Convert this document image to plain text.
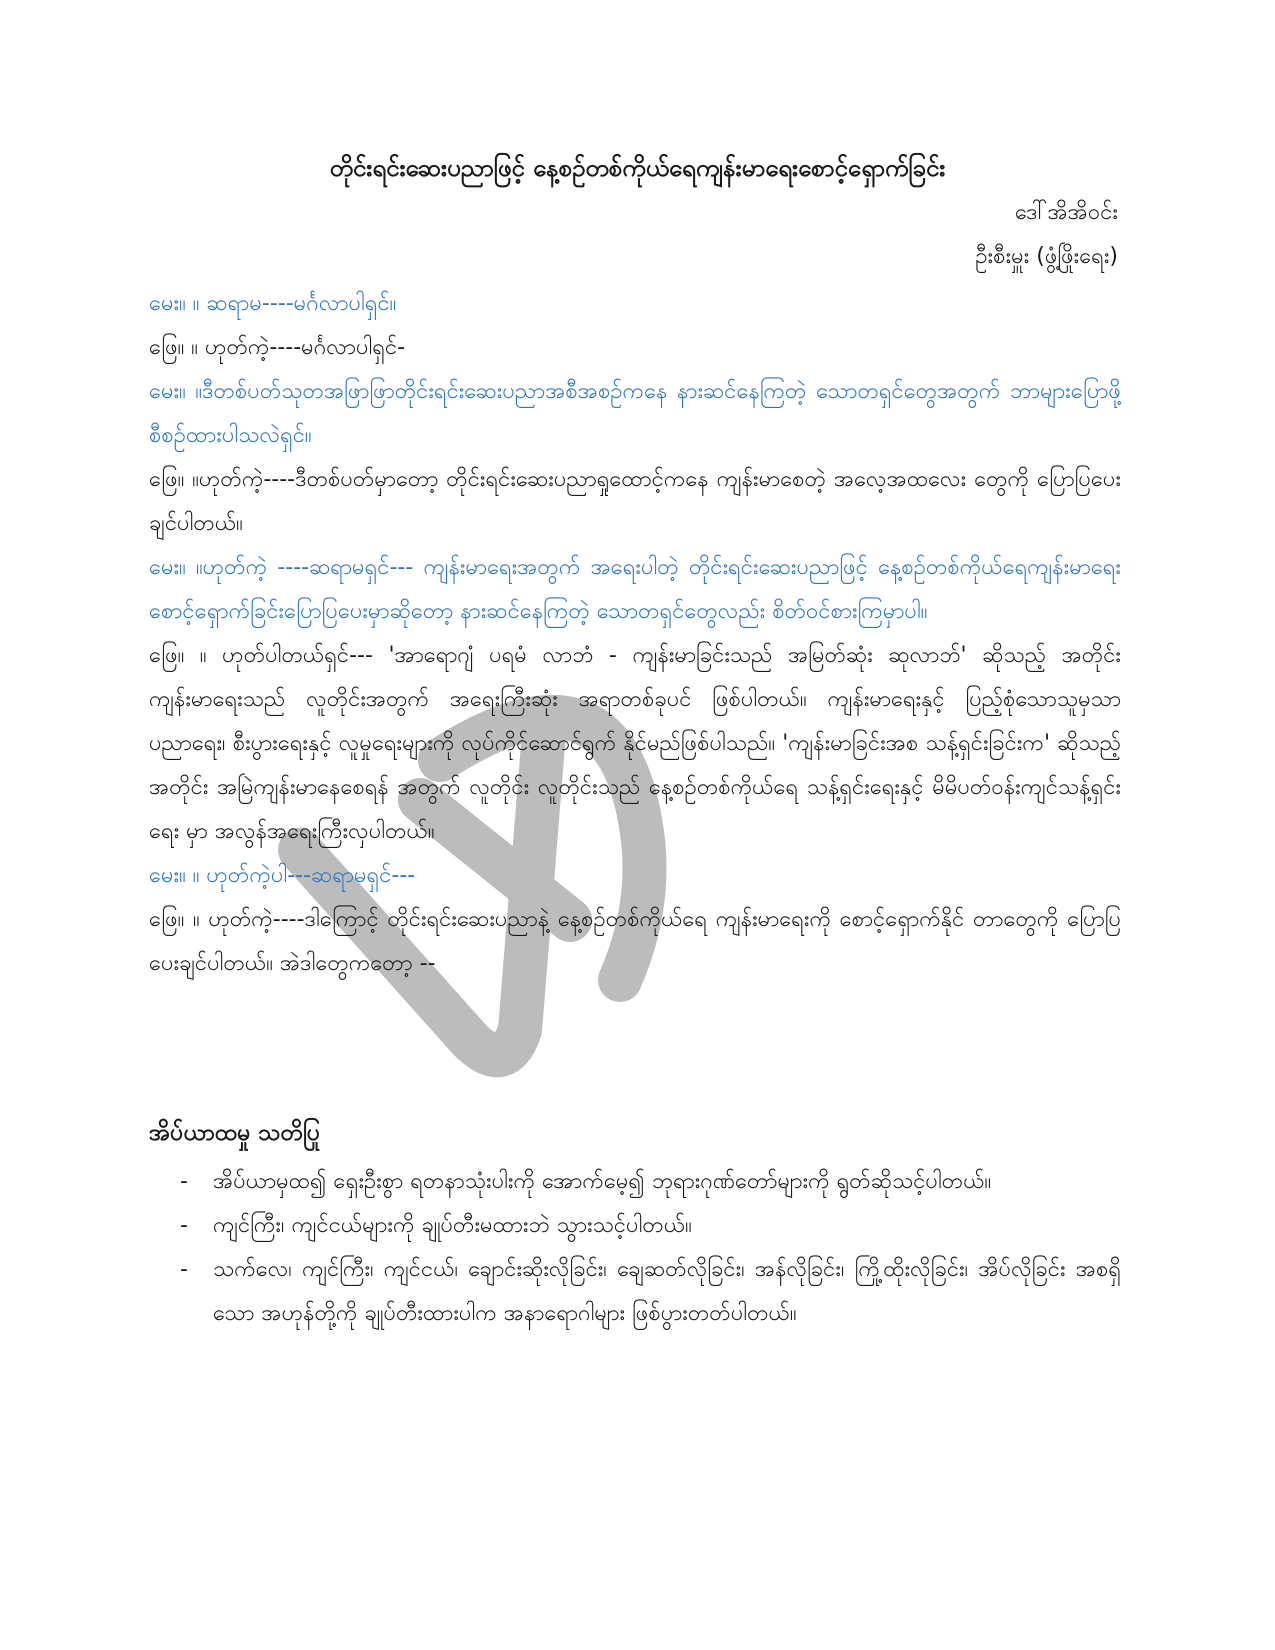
တိုင်းရင်းဆေးပညာဖြင့် နေ့စဉ်တစ်ကိုယ်ရေကျန်းမာရေးစောင့်ရှောက်ခြင်း
ဒေါ်အိအိဝင်း
ဦးစီးမှူး (ဖွံ့ဖြိုးရေး)

မေး။ ။ ဆရာမ----မင်္ဂလာပါရှင်။

ဖြေ။ ။ ဟုတ်ကဲ့----မင်္ဂလာပါရှင်-

မေး။ ။ဒီတစ်ပတ်သုတအဖြာဖြာတိုင်းရင်းဆေးပညာအစီအစဉ်ကနေ နားဆင်နေကြတဲ့ သောတရှင်တွေအတွက် ဘာများပြောဖို့ စီစဉ်ထားပါသလဲရှင်။

ဖြေ။ ။ဟုတ်ကဲ့----ဒီတစ်ပတ်မှာတော့ တိုင်းရင်းဆေးပညာရှုထောင့်ကနေ ကျန်းမာစေတဲ့ အလေ့အထလေး တွေကို ပြောပြပေးချင်ပါတယ်။

မေး။ ။ဟုတ်ကဲ့ ----ဆရာမရှင်--- ကျန်းမာရေးအတွက် အရေးပါတဲ့ တိုင်းရင်းဆေးပညာဖြင့် နေ့စဉ်တစ်ကိုယ်ရေကျန်းမာရေး စောင့်ရှောက်ခြင်းပြောပြပေးမှာဆိုတော့ နားဆင်နေကြတဲ့ သောတရှင်တွေလည်း စိတ်ဝင်စားကြမှာပါ။

ဖြေ။ ။ ဟုတ်ပါတယ်ရှင်--- 'အာရောဂျံ ပရမံ လာဘံ - ကျန်းမာခြင်းသည် အမြတ်ဆုံး ဆုလာဘ်' ဆိုသည့် အတိုင်း ကျန်းမာရေးသည် လူတိုင်းအတွက် အရေးကြီးဆုံး အရာတစ်ခုပင် ဖြစ်ပါတယ်။ ကျန်းမာရေးနှင့် ပြည့်စုံသောသူမှသာ ပညာရေး၊ စီးပွားရေးနှင့် လူမှုရေးများကို လုပ်ကိုင်ဆောင်ရွက် နိုင်မည်ဖြစ်ပါသည်။ 'ကျန်းမာခြင်းအစ သန့်ရှင်းခြင်းက' ဆိုသည့်အတိုင်း အမြဲကျန်းမာနေစေရန် အတွက် လူတိုင်း လူတိုင်းသည် နေ့စဉ်တစ်ကိုယ်ရေ သန့်ရှင်းရေးနှင့် မိမိပတ်ဝန်းကျင်သန့်ရှင်းရေး မှာ အလွန်အရေးကြီးလှပါတယ်။

မေး။ ။ ဟုတ်ကဲ့ပါ---ဆရာမရှင်---

ဖြေ။ ။ ဟုတ်ကဲ့----ဒါကြောင့် တိုင်းရင်းဆေးပညာနဲ့ နေ့စဉ်တစ်ကိုယ်ရေ ကျန်းမာရေးကို စောင့်ရှောက်နိုင် တာတွေကို ပြောပြပေးချင်ပါတယ်။ အဲဒါတွေကတော့ --

အိပ်ယာထမှု သတိပြု
- အိပ်ယာမှထ၍ ရှေးဦးစွာ ရတနာသုံးပါးကို အောက်မေ့၍ ဘုရားဂုဏ်တော်များကို ရွတ်ဆိုသင့်ပါတယ်။
- ကျင်ကြီး၊ ကျင်ငယ်များကို ချုပ်တီးမထားဘဲ သွားသင့်ပါတယ်။
- သက်လေ၊ ကျင်ကြီး၊ ကျင်ငယ်၊ ချောင်းဆိုးလိုခြင်း၊ ချေဆတ်လိုခြင်း၊ အန်လိုခြင်း၊ ကြို့ထိုးလိုခြင်း၊ အိပ်လိုခြင်း အစရှိသော အဟုန်တို့ကို ချုပ်တီးထားပါက အနာရောဂါများ ဖြစ်ပွားတတ်ပါတယ်။
